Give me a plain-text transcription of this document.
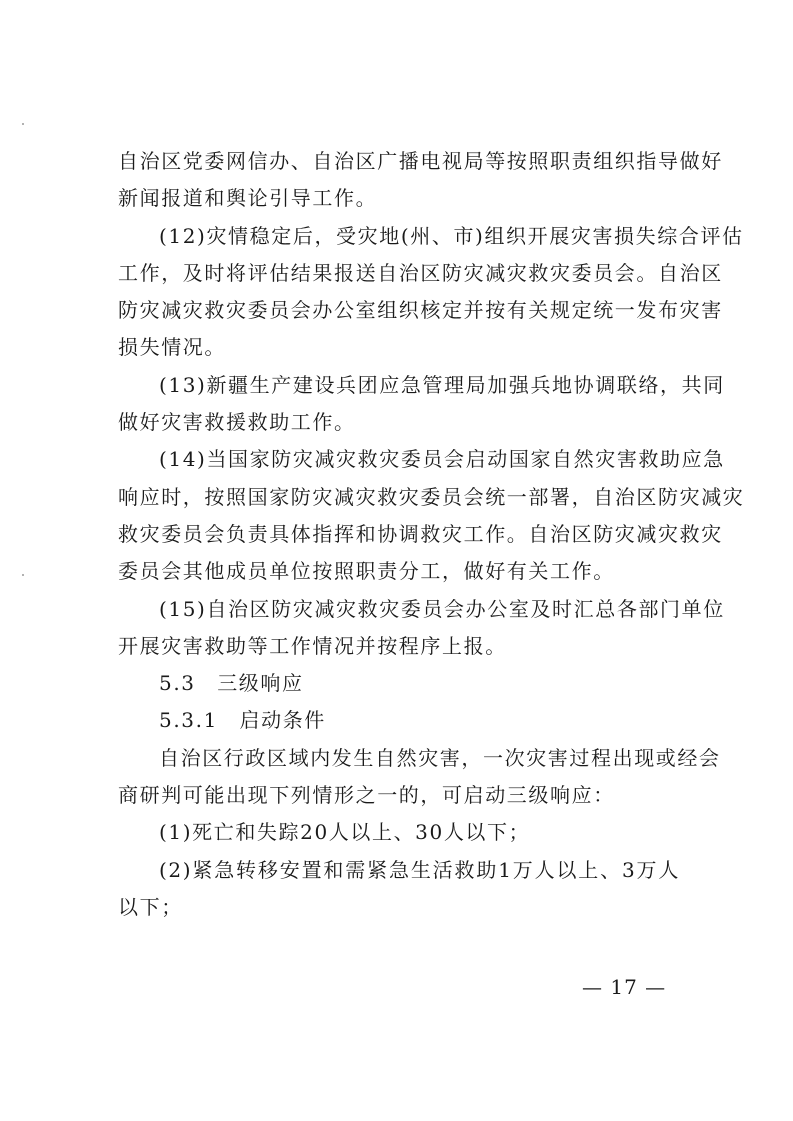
自治区党委网信办、自治区广播电视局等按照职责组织指导做好
新闻报道和舆论引导工作。
(12)灾情稳定后，受灾地(州、市)组织开展灾害损失综合评估
工作，及时将评估结果报送自治区防灾减灾救灾委员会。自治区
防灾减灾救灾委员会办公室组织核定并按有关规定统一发布灾害
损失情况。
(13)新疆生产建设兵团应急管理局加强兵地协调联络，共同
做好灾害救援救助工作。
(14)当国家防灾减灾救灾委员会启动国家自然灾害救助应急
响应时，按照国家防灾减灾救灾委员会统一部署，自治区防灾减灾
救灾委员会负责具体指挥和协调救灾工作。自治区防灾减灾救灾
委员会其他成员单位按照职责分工，做好有关工作。
(15)自治区防灾减灾救灾委员会办公室及时汇总各部门单位
开展灾害救助等工作情况并按程序上报。
5.3　三级响应
5.3.1　启动条件
自治区行政区域内发生自然灾害，一次灾害过程出现或经会
商研判可能出现下列情形之一的，可启动三级响应：
(1)死亡和失踪20人以上、30人以下；
(2)紧急转移安置和需紧急生活救助1万人以上、3万人
以下；
— 17 —
